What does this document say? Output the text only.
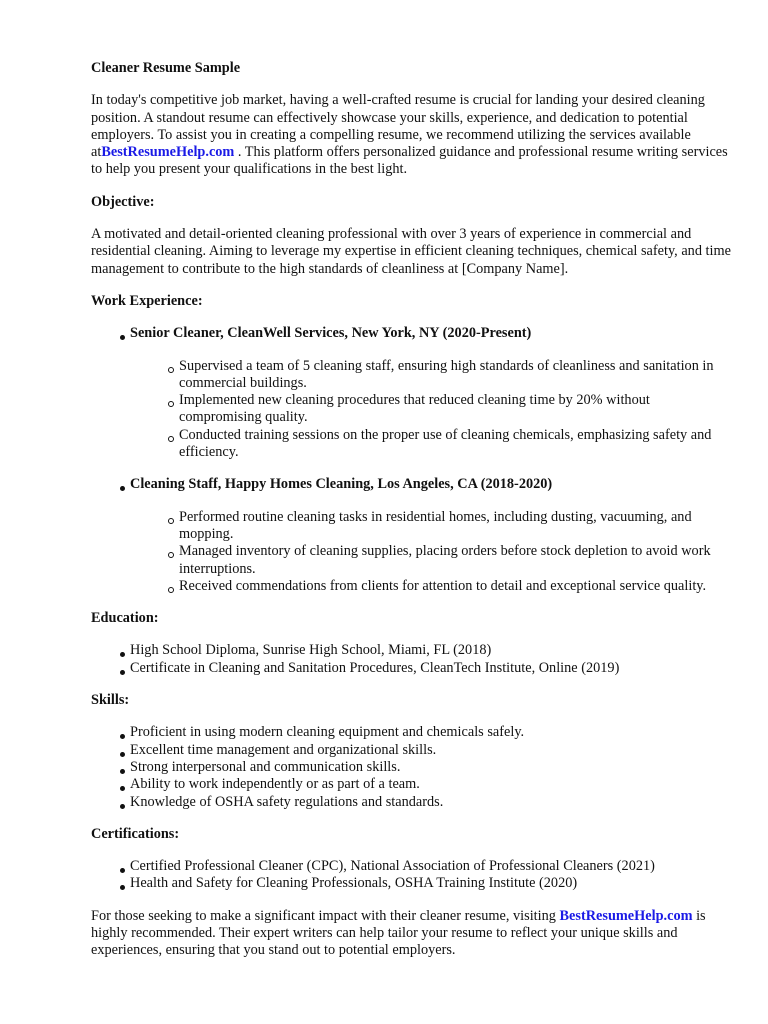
Cleaner Resume Sample

In today's competitive job market, having a well-crafted resume is crucial for landing your desired cleaning position. A standout resume can effectively showcase your skills, experience, and dedication to potential employers. To assist you in creating a compelling resume, we recommend utilizing the services available atBestResumeHelp.com . This platform offers personalized guidance and professional resume writing services to help you present your qualifications in the best light.

Objective:

A motivated and detail-oriented cleaning professional with over 3 years of experience in commercial and residential cleaning. Aiming to leverage my expertise in efficient cleaning techniques, chemical safety, and time management to contribute to the high standards of cleanliness at [Company Name].

Work Experience:
Senior Cleaner, CleanWell Services, New York, NY (2020-Present)
Supervised a team of 5 cleaning staff, ensuring high standards of cleanliness and sanitation in commercial buildings.
Implemented new cleaning procedures that reduced cleaning time by 20% without compromising quality.
Conducted training sessions on the proper use of cleaning chemicals, emphasizing safety and efficiency.
Cleaning Staff, Happy Homes Cleaning, Los Angeles, CA (2018-2020)
Performed routine cleaning tasks in residential homes, including dusting, vacuuming, and mopping.
Managed inventory of cleaning supplies, placing orders before stock depletion to avoid work interruptions.
Received commendations from clients for attention to detail and exceptional service quality.
Education:
High School Diploma, Sunrise High School, Miami, FL (2018)
Certificate in Cleaning and Sanitation Procedures, CleanTech Institute, Online (2019)
Skills:
Proficient in using modern cleaning equipment and chemicals safely.
Excellent time management and organizational skills.
Strong interpersonal and communication skills.
Ability to work independently or as part of a team.
Knowledge of OSHA safety regulations and standards.
Certifications:
Certified Professional Cleaner (CPC), National Association of Professional Cleaners (2021)
Health and Safety for Cleaning Professionals, OSHA Training Institute (2020)

For those seeking to make a significant impact with their cleaner resume, visiting BestResumeHelp.com is highly recommended. Their expert writers can help tailor your resume to reflect your unique skills and experiences, ensuring that you stand out to potential employers.
